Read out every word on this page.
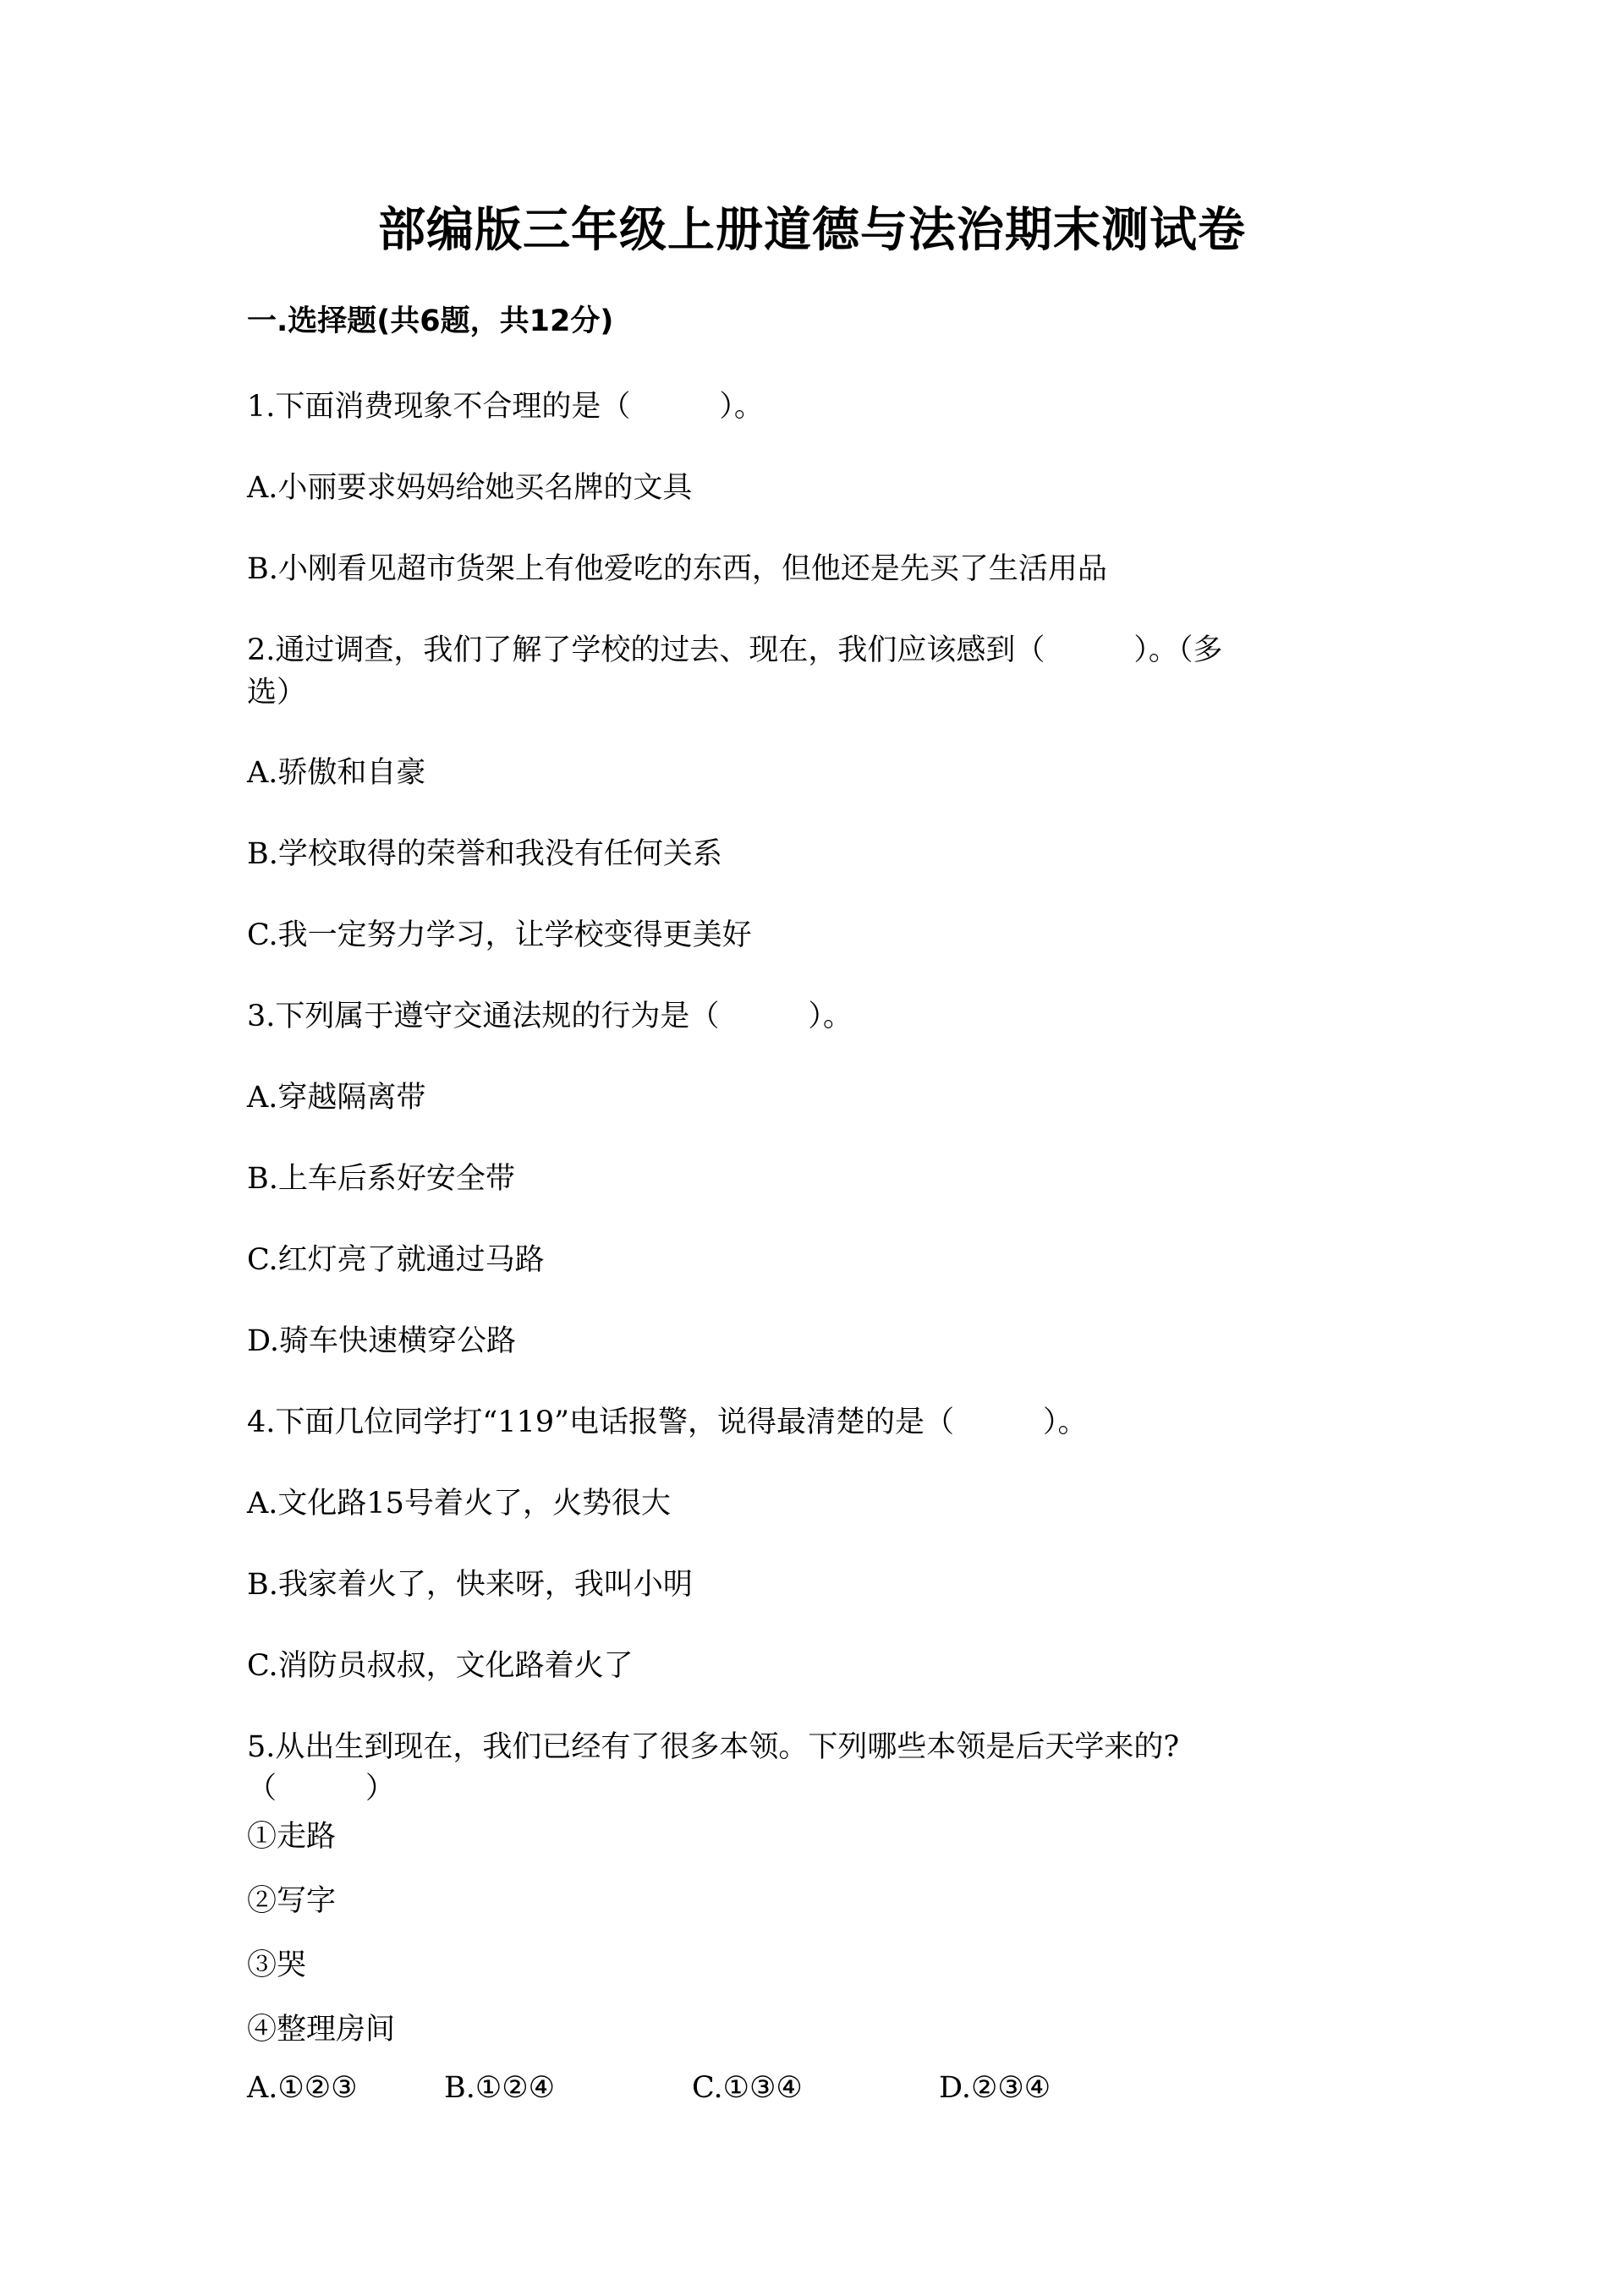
部编版三年级上册道德与法治期末测试卷
一.选择题(共6题，共12分)
1.下面消费现象不合理的是（　　　）。
A.小丽要求妈妈给她买名牌的文具
B.小刚看见超市货架上有他爱吃的东西，但他还是先买了生活用品
2.通过调查，我们了解了学校的过去、现在，我们应该感到（　　　）。（多
选）
A.骄傲和自豪
B.学校取得的荣誉和我没有任何关系
C.我一定努力学习，让学校变得更美好
3.下列属于遵守交通法规的行为是（　　　）。
A.穿越隔离带
B.上车后系好安全带
C.红灯亮了就通过马路
D.骑车快速横穿公路
4.下面几位同学打“119”电话报警，说得最清楚的是（　　　）。
A.文化路15号着火了，火势很大
B.我家着火了，快来呀，我叫小明
C.消防员叔叔，文化路着火了
5.从出生到现在，我们已经有了很多本领。下列哪些本领是后天学来的?
（　　　）
①走路
②写字
③哭
④整理房间
A.①②③	B.①②④	C.①③④	D.②③④
